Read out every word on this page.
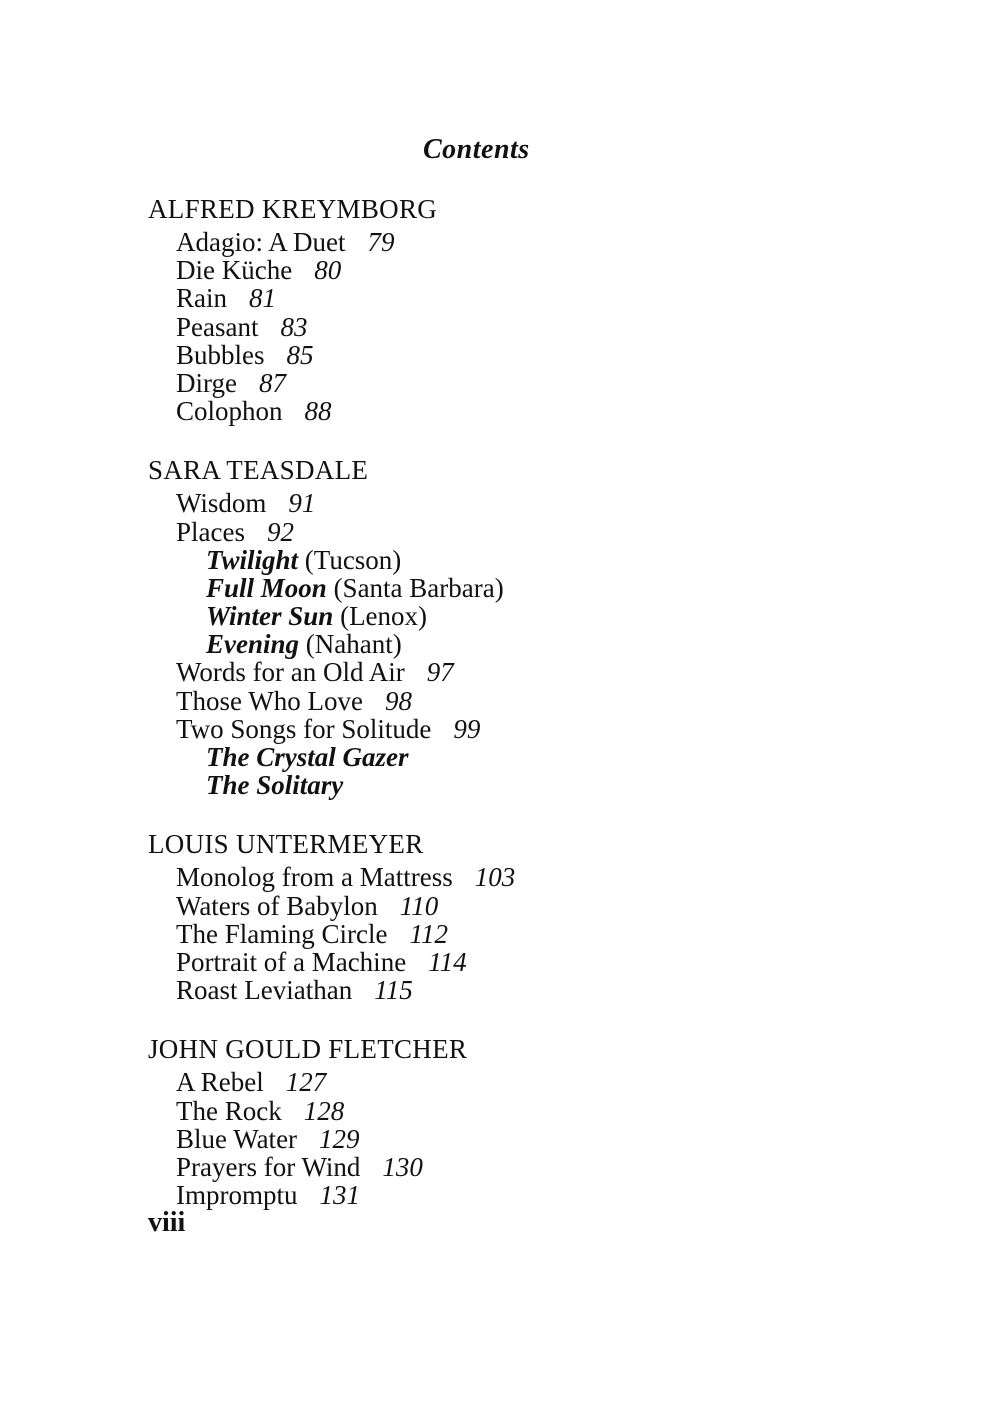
Contents
ALFRED KREYMBORG
Adagio: A Duet 79
Die Küche 80
Rain 81
Peasant 83
Bubbles 85
Dirge 87
Colophon 88
SARA TEASDALE
Wisdom 91
Places 92
Twilight (Tucson)
Full Moon (Santa Barbara)
Winter Sun (Lenox)
Evening (Nahant)
Words for an Old Air 97
Those Who Love 98
Two Songs for Solitude 99
The Crystal Gazer
The Solitary
LOUIS UNTERMEYER
Monolog from a Mattress 103
Waters of Babylon 110
The Flaming Circle 112
Portrait of a Machine 114
Roast Leviathan 115
JOHN GOULD FLETCHER
A Rebel 127
The Rock 128
Blue Water 129
Prayers for Wind 130
Impromptu 131
viii
